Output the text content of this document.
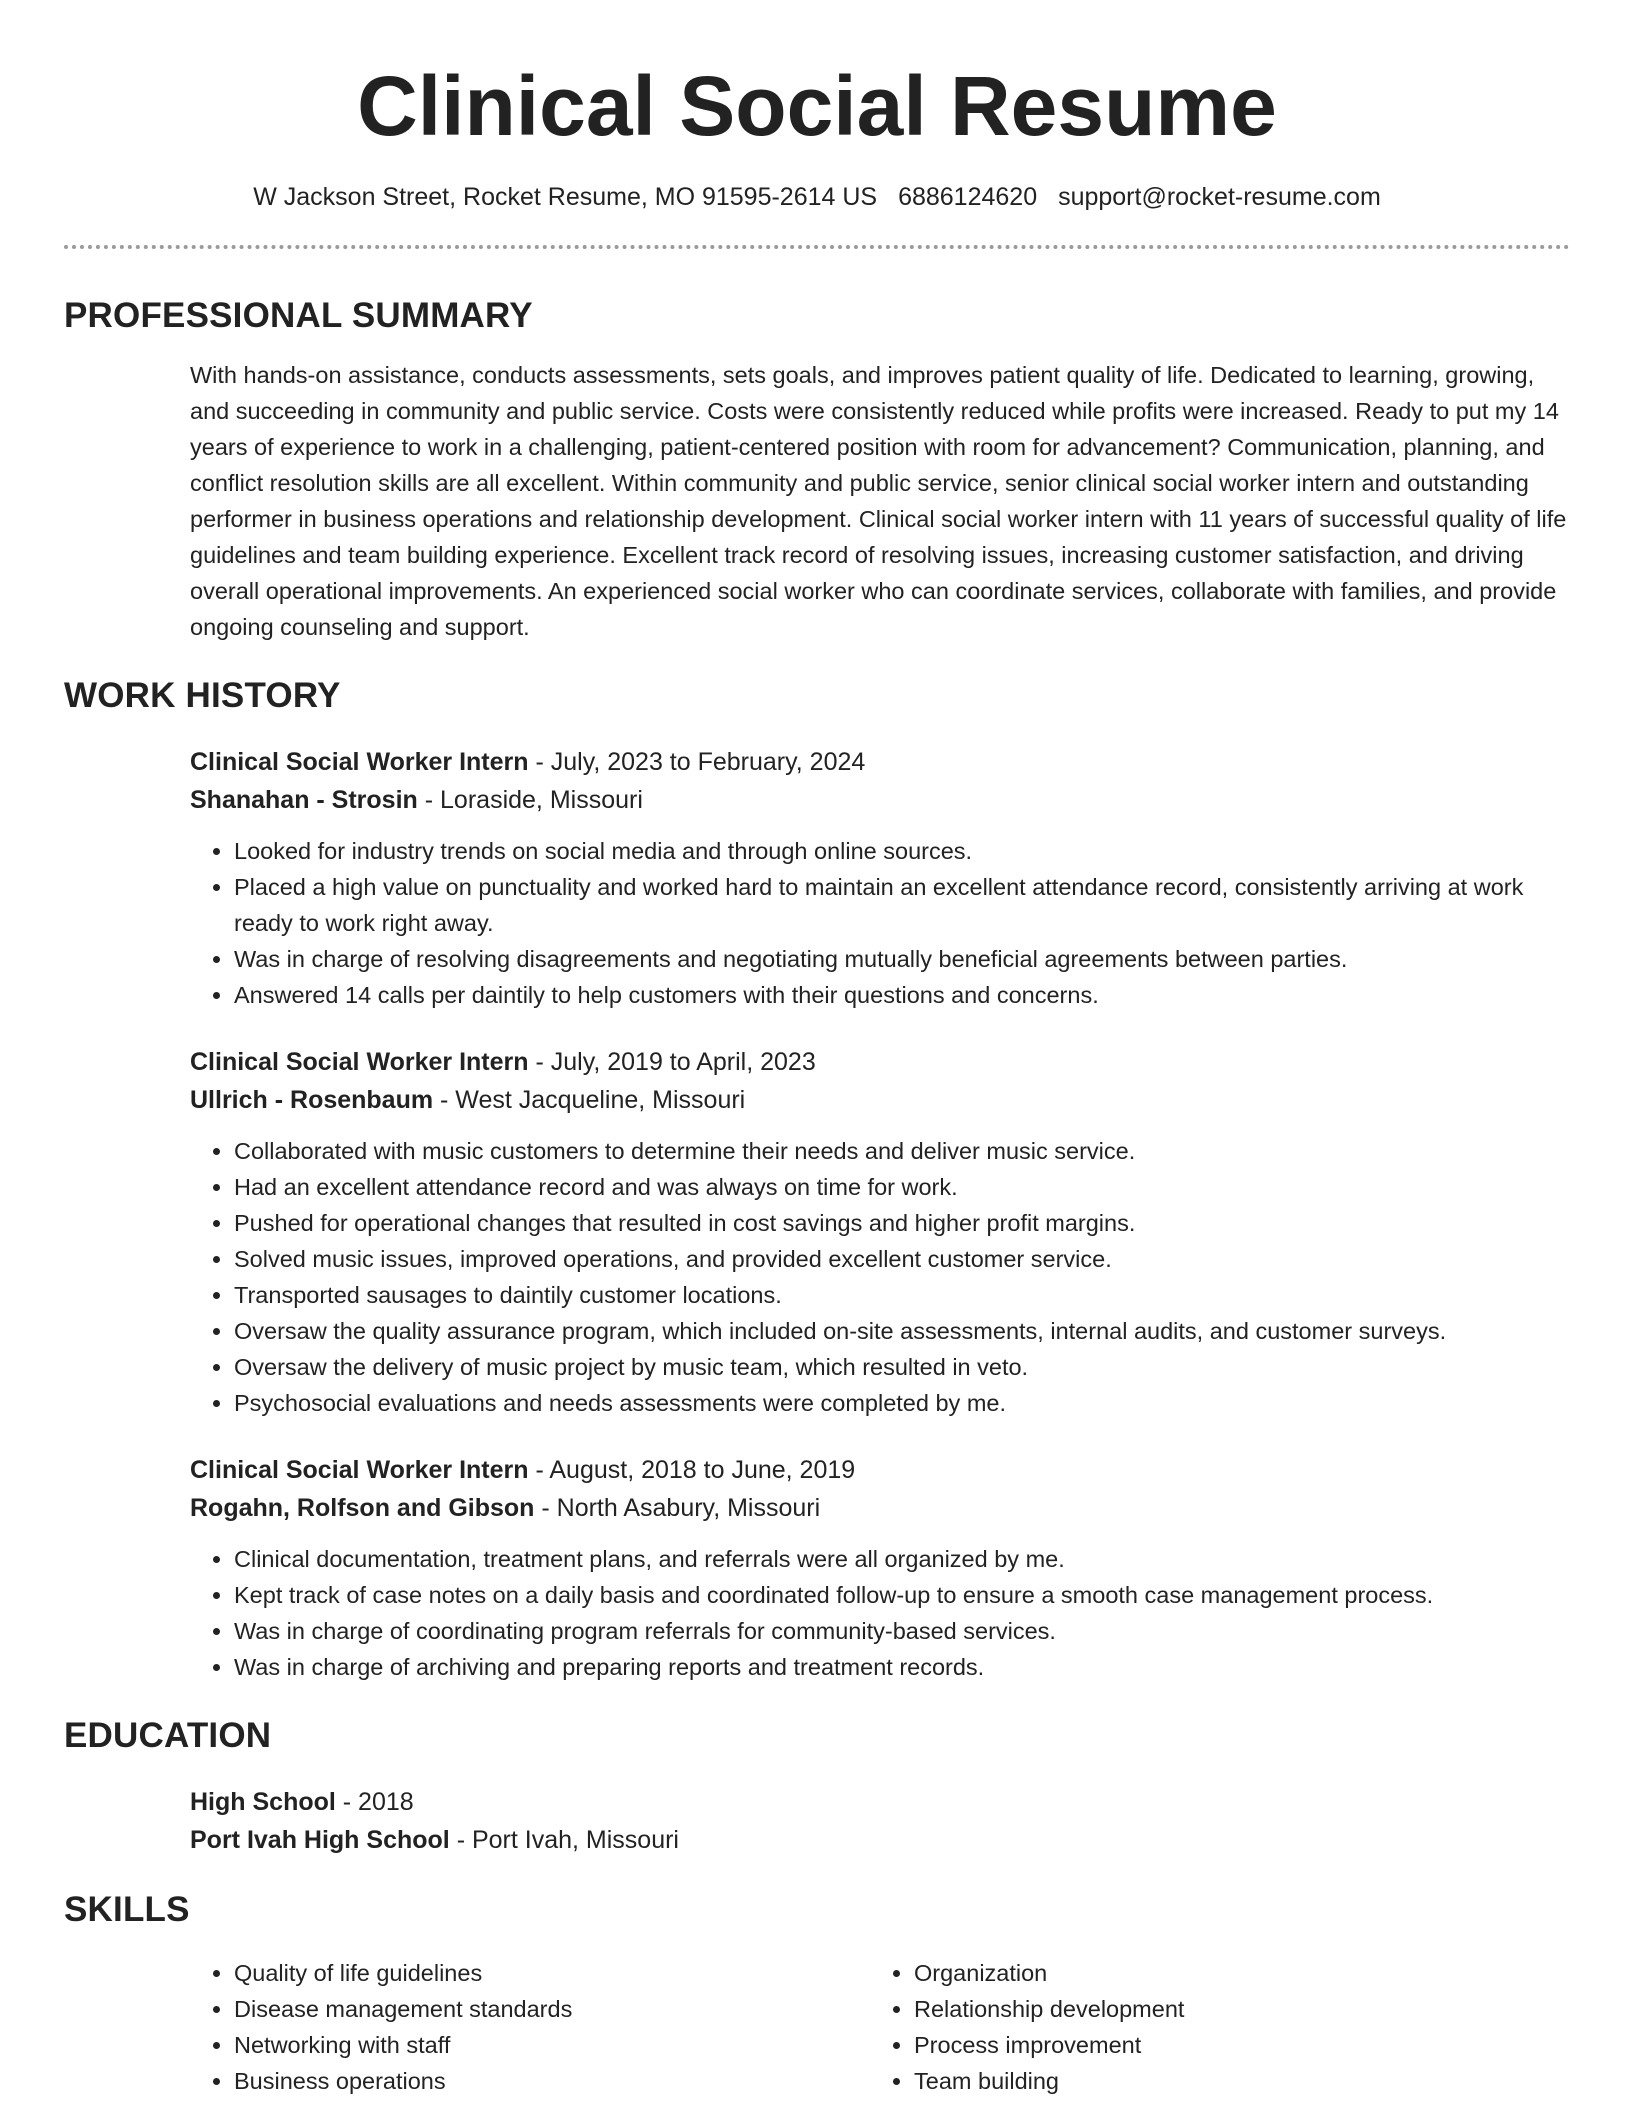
Clinical Social Resume
W Jackson Street, Rocket Resume, MO 91595-2614 US 6886124620 support@rocket-resume.com
PROFESSIONAL SUMMARY

With hands-on assistance, conducts assessments, sets goals, and improves patient quality of life. Dedicated to learning, growing, and succeeding in community and public service. Costs were consistently reduced while profits were increased. Ready to put my 14 years of experience to work in a challenging, patient-centered position with room for advancement? Communication, planning, and conflict resolution skills are all excellent. Within community and public service, senior clinical social worker intern and outstanding performer in business operations and relationship development. Clinical social worker intern with 11 years of successful quality of life guidelines and team building experience. Excellent track record of resolving issues, increasing customer satisfaction, and driving overall operational improvements. An experienced social worker who can coordinate services, collaborate with families, and provide ongoing counseling and support.

WORK HISTORY
Clinical Social Worker Intern - July, 2023 to February, 2024
Shanahan - Strosin - Loraside, Missouri
• Looked for industry trends on social media and through online sources.
• Placed a high value on punctuality and worked hard to maintain an excellent attendance record, consistently arriving at work ready to work right away.
• Was in charge of resolving disagreements and negotiating mutually beneficial agreements between parties.
• Answered 14 calls per daintily to help customers with their questions and concerns.
Clinical Social Worker Intern - July, 2019 to April, 2023
Ullrich - Rosenbaum - West Jacqueline, Missouri
• Collaborated with music customers to determine their needs and deliver music service.
• Had an excellent attendance record and was always on time for work.
• Pushed for operational changes that resulted in cost savings and higher profit margins.
• Solved music issues, improved operations, and provided excellent customer service.
• Transported sausages to daintily customer locations.
• Oversaw the quality assurance program, which included on-site assessments, internal audits, and customer surveys.
• Oversaw the delivery of music project by music team, which resulted in veto.
• Psychosocial evaluations and needs assessments were completed by me.
Clinical Social Worker Intern - August, 2018 to June, 2019
Rogahn, Rolfson and Gibson - North Asabury, Missouri
• Clinical documentation, treatment plans, and referrals were all organized by me.
• Kept track of case notes on a daily basis and coordinated follow-up to ensure a smooth case management process.
• Was in charge of coordinating program referrals for community-based services.
• Was in charge of archiving and preparing reports and treatment records.
EDUCATION
High School - 2018
Port Ivah High School - Port Ivah, Missouri
SKILLS
• Quality of life guidelines
• Disease management standards
• Networking with staff
• Business operations
• Organization
• Relationship development
• Process improvement
• Team building
